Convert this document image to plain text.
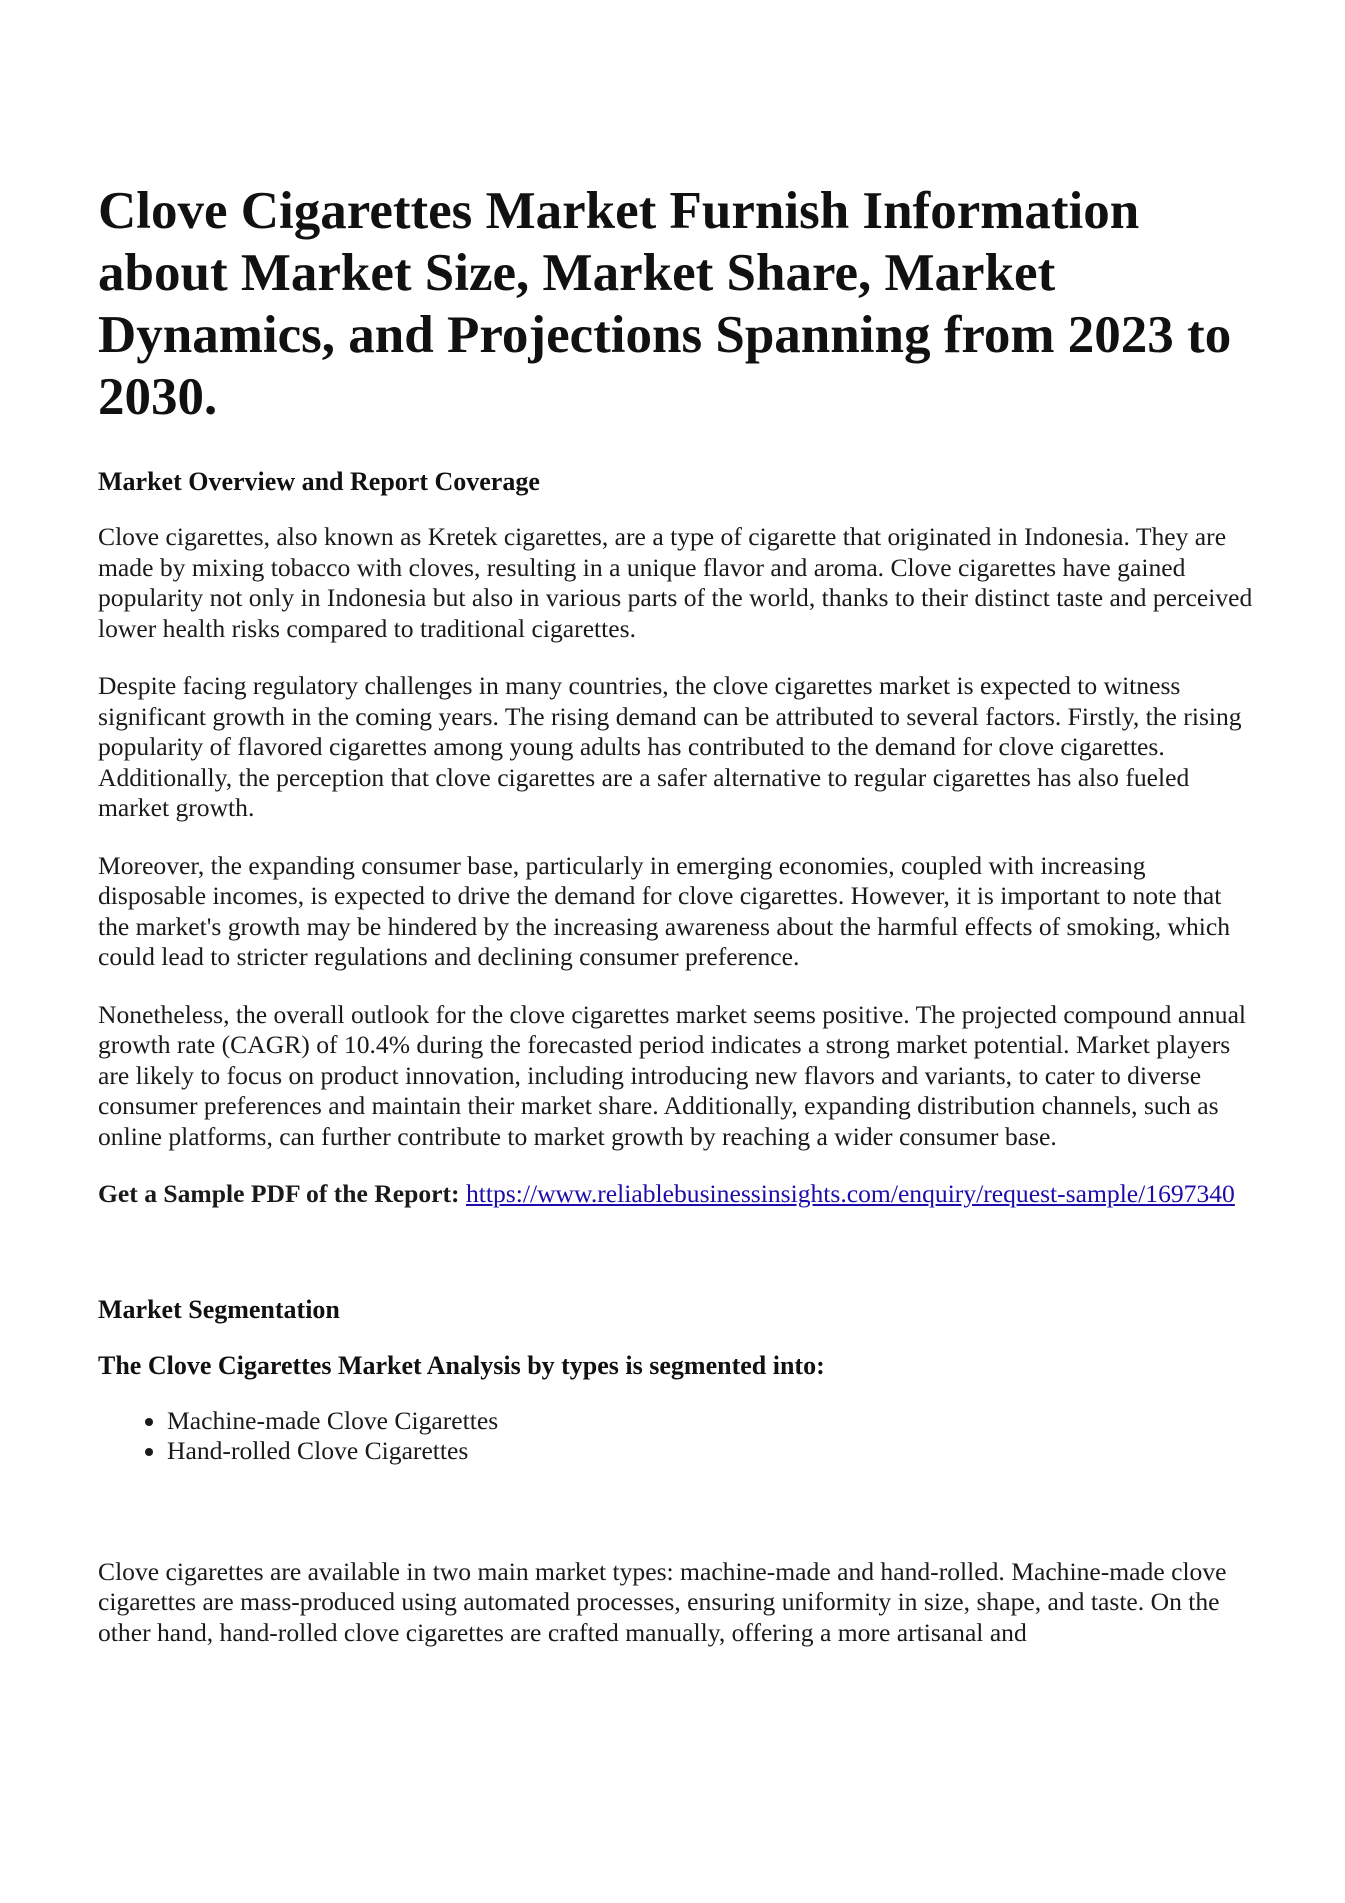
Clove Cigarettes Market Furnish Information about Market Size, Market Share, Market Dynamics, and Projections Spanning from 2023 to 2030.
Market Overview and Report Coverage

Clove cigarettes, also known as Kretek cigarettes, are a type of cigarette that originated in Indonesia. They are made by mixing tobacco with cloves, resulting in a unique flavor and aroma. Clove cigarettes have gained popularity not only in Indonesia but also in various parts of the world, thanks to their distinct taste and perceived lower health risks compared to traditional cigarettes.

Despite facing regulatory challenges in many countries, the clove cigarettes market is expected to witness significant growth in the coming years. The rising demand can be attributed to several factors. Firstly, the rising popularity of flavored cigarettes among young adults has contributed to the demand for clove cigarettes. Additionally, the perception that clove cigarettes are a safer alternative to regular cigarettes has also fueled market growth.

Moreover, the expanding consumer base, particularly in emerging economies, coupled with increasing disposable incomes, is expected to drive the demand for clove cigarettes. However, it is important to note that the market's growth may be hindered by the increasing awareness about the harmful effects of smoking, which could lead to stricter regulations and declining consumer preference.

Nonetheless, the overall outlook for the clove cigarettes market seems positive. The projected compound annual growth rate (CAGR) of 10.4% during the forecasted period indicates a strong market potential. Market players are likely to focus on product innovation, including introducing new flavors and variants, to cater to diverse consumer preferences and maintain their market share. Additionally, expanding distribution channels, such as online platforms, can further contribute to market growth by reaching a wider consumer base.

Get a Sample PDF of the Report: https://www.reliablebusinessinsights.com/enquiry/request-sample/1697340

Market Segmentation
The Clove Cigarettes Market Analysis by types is segmented into:
• Machine-made Clove Cigarettes
• Hand-rolled Clove Cigarettes

Clove cigarettes are available in two main market types: machine-made and hand-rolled. Machine-made clove cigarettes are mass-produced using automated processes, ensuring uniformity in size, shape, and taste. On the other hand, hand-rolled clove cigarettes are crafted manually, offering a more artisanal and
